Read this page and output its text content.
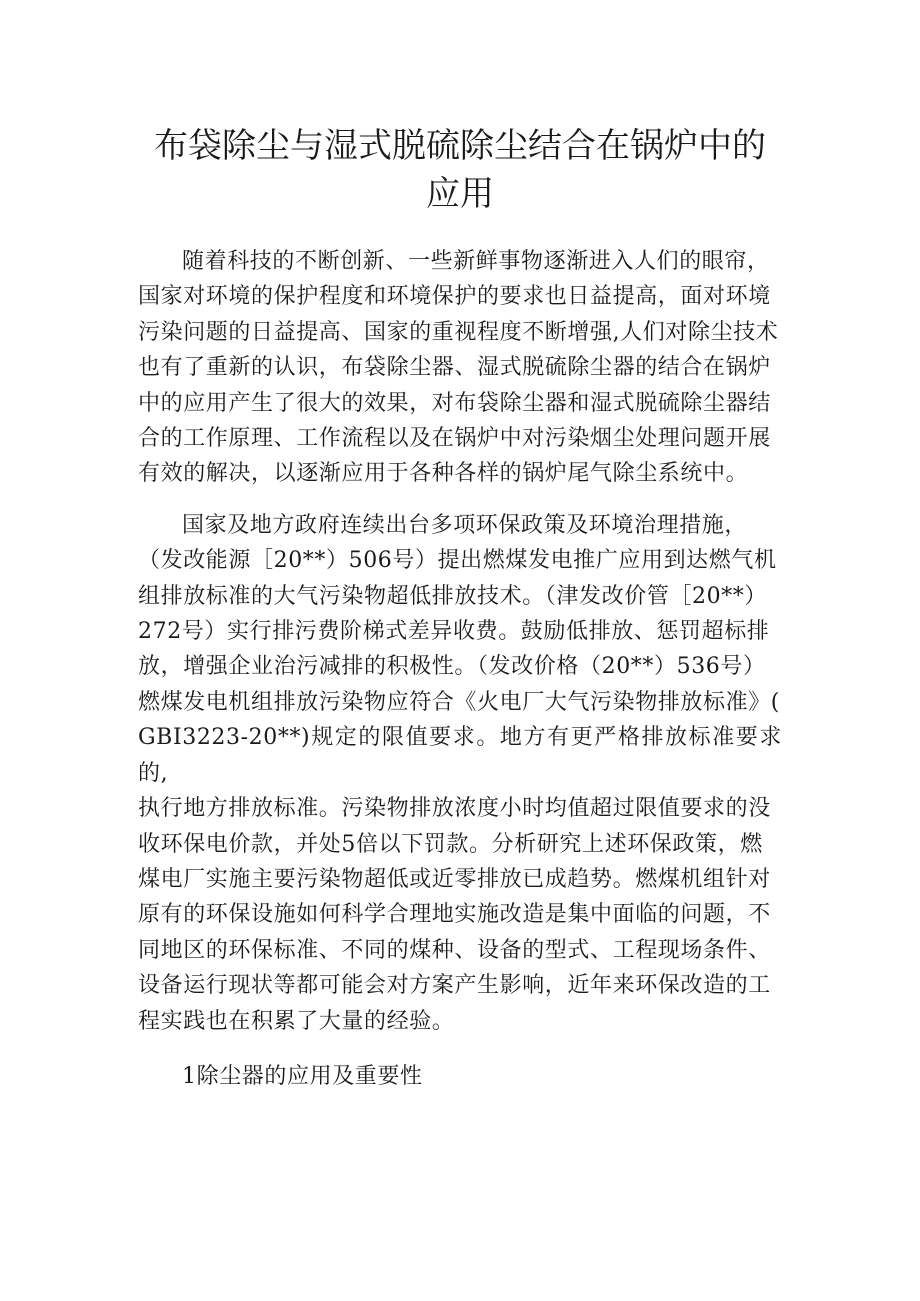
布袋除尘与湿式脱硫除尘结合在锅炉中的
应用

随着科技的不断创新、一些新鲜事物逐渐进入人们的眼帘，
国家对环境的保护程度和环境保护的要求也日益提高，面对环境
污染问题的日益提高、国家的重视程度不断增强,人们对除尘技术
也有了重新的认识，布袋除尘器、湿式脱硫除尘器的结合在锅炉
中的应用产生了很大的效果，对布袋除尘器和湿式脱硫除尘器结
合的工作原理、工作流程以及在锅炉中对污染烟尘处理问题开展
有效的解决，以逐渐应用于各种各样的锅炉尾气除尘系统中。

国家及地方政府连续出台多项环保政策及环境治理措施，
（发改能源［20**）506号）提出燃煤发电推广应用到达燃气机
组排放标准的大气污染物超低排放技术。（津发改价管［20**）
272号）实行排污费阶梯式差异收费。鼓励低排放、惩罚超标排
放，增强企业治污减排的积极性。（发改价格（20**）536号）
燃煤发电机组排放污染物应符合《火电厂大气污染物排放标准》(
GBI3223-20**)规定的限值要求。地方有更严格排放标准要求的,
执行地方排放标准。污染物排放浓度小时均值超过限值要求的没
收环保电价款，并处5倍以下罚款。分析研究上述环保政策，燃
煤电厂实施主要污染物超低或近零排放已成趋势。燃煤机组针对
原有的环保设施如何科学合理地实施改造是集中面临的问题，不
同地区的环保标准、不同的煤种、设备的型式、工程现场条件、
设备运行现状等都可能会对方案产生影响，近年来环保改造的工
程实践也在积累了大量的经验。

1除尘器的应用及重要性
